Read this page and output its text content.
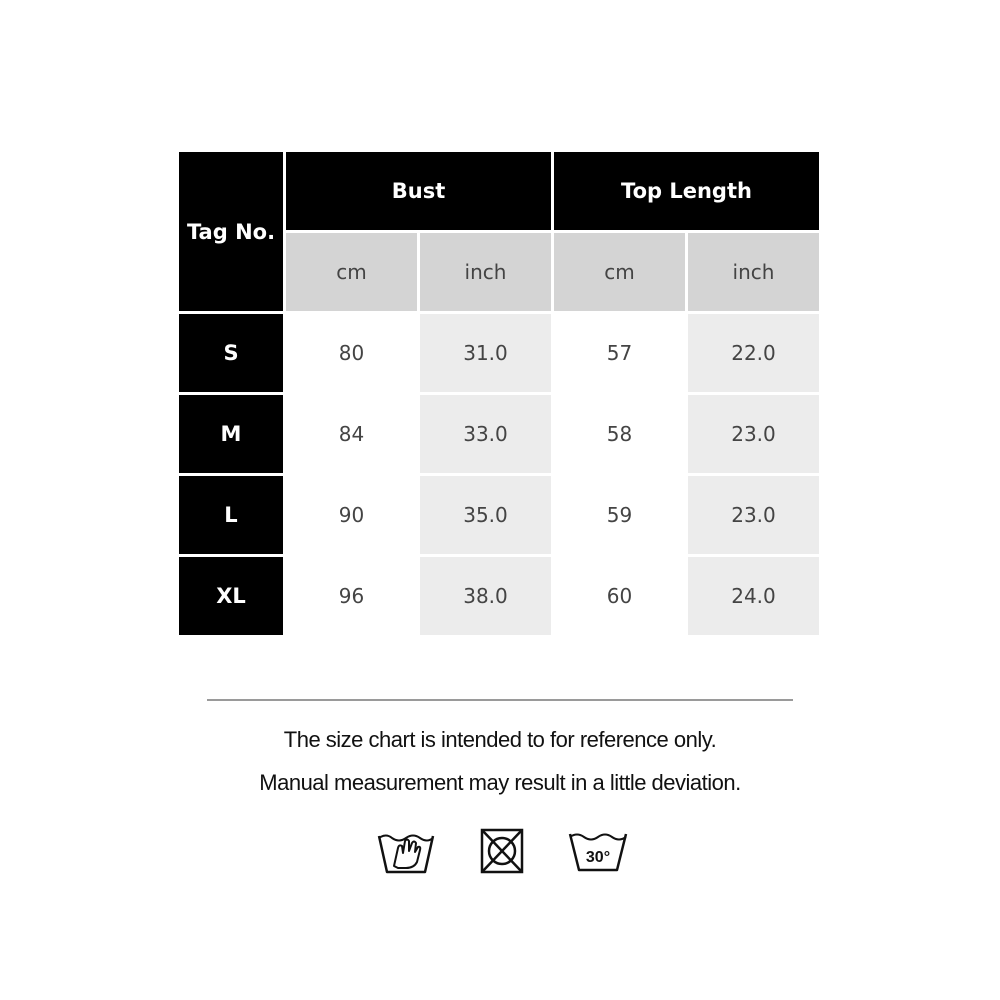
Tag No.	Bust		Top Length	
	cm	inch	cm	inch
S	80	31.0	57	22.0
M	84	33.0	58	23.0
L	90	35.0	59	23.0
XL	96	38.0	60	24.0
The size chart is intended to for reference only.
Manual measurement may result in a little deviation.
30°
